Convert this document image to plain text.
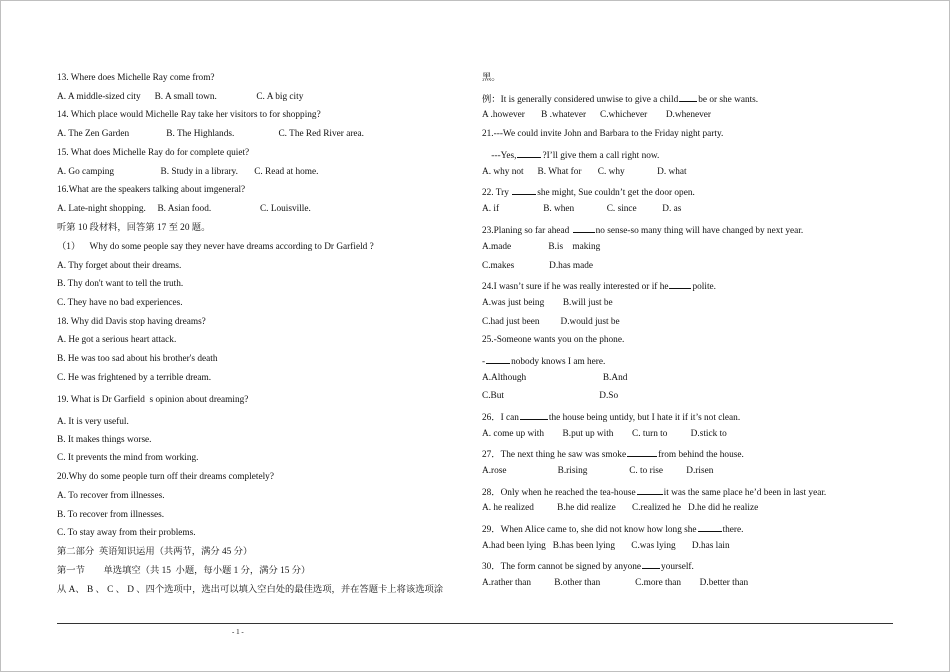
13. Where does Michelle Ray come from?
A. A middle-sized city      B. A small town.                 C. A big city
14. Which place would Michelle Ray take her visitors to for shopping?
A. The Zen Garden                B. The Highlands.                   C. The Red River area.
15. What does Michelle Ray do for complete quiet?
A. Go camping                    B. Study in a library.       C. Read at home.
16.What are the speakers talking about imgeneral?
A. Late-night shopping.     B. Asian food.                     C. Louisville.
听第 10 段材料，回答第 17 至 20 题。
（1）    Why do some people say they never have dreams according to Dr Garfield ?
A. Thy forget about their dreams.
B. Thy don't want to tell the truth.
C. They have no bad experiences.
18. Why did Davis stop having dreams?
A. He got a serious heart attack.
B. He was too sad about his brother's death
C. He was frightened by a terrible dream.
19. What is Dr Garfield  s opinion about dreaming?
A. It is very useful.
B. It makes things worse.
C. It prevents the mind from working.
20.Why do some people turn off their dreams completely?
A. To recover from illnesses.
B. To recover from illnesses.
C. To stay away from their problems.
第二部分  英语知识运用（共两节，满分 45 分）
第一节        单选填空（共 15  小题，每小题 1 分，满分 15 分）
从 A、 B 、 C 、 D 、四个选项中，选出可以填入空白处的最佳选项，并在答题卡上将该选项涂
黑。
例：It is generally considered unwise to give a child be or she wants.
A .however       B .whatever      C.whichever        D.whenever
21.---We could invite John and Barbara to the Friday night party.
---Yes,	?I’ll give them a call right now.
A. why not      B. What for       C. why              D. what
22. Try	she might, Sue couldn’t get the door open.
A. if                   B. when              C. since           D. as
23.Planing so far ahead	no sense-so many thing will have changed by next year.
A.made                B.is    making
C.makes               D.has made
24.I wasn’t sure if he was really interested or if he	polite.
A.was just being        B.will just be
C.had just been         D.would just be
25.-Someone wants you on the phone.
-	nobody knows I am here.
A.Although                                 B.And
C.But                                         D.So
26．I can	the house being untidy, but I hate it if it’s not clean.
A. come up with        B.put up with        C. turn to          D.stick to
27．The next thing he saw was smoke	from behind the house.
A.rose                      B.rising                  C. to rise          D.risen
28．Only when he reached the tea-house	it was the same place he’d been in last year.
A. he realized          B.he did realize       C.realized he   D.he did he realize
29．When Alice came to, she did not know how long she	there.
A.had been lying   B.has been lying       C.was lying       D.has lain
30．The form cannot be signed by anyone yourself.
A.rather than          B.other than               C.more than        D.better than
- 1 -
